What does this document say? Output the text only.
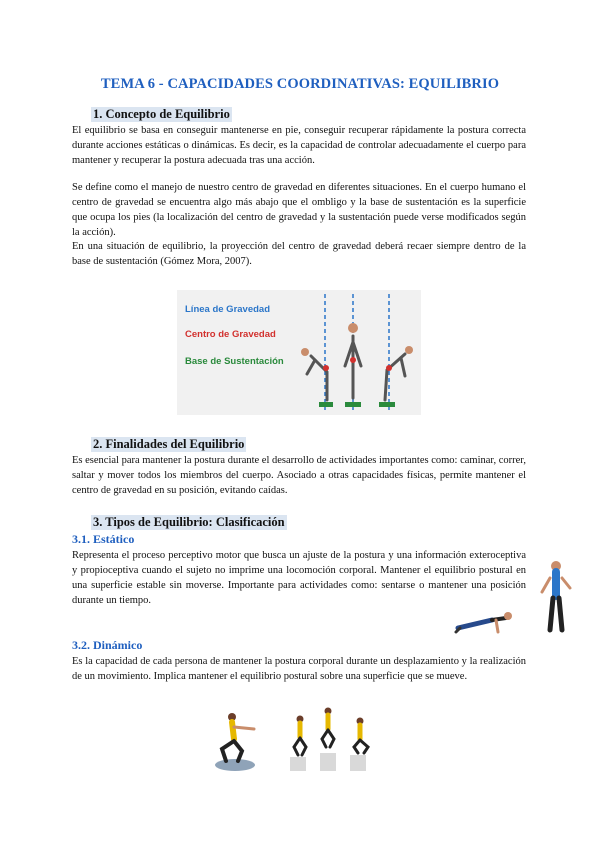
TEMA 6 - CAPACIDADES COORDINATIVAS: EQUILIBRIO
1. Concepto de Equilibrio

El equilibrio se basa en conseguir mantenerse en pie, conseguir recuperar rápidamente la postura correcta durante acciones estáticas o dinámicas. Es decir, es la capacidad de controlar adecuadamente el cuerpo para mantener y recuperar la postura adecuada tras una acción.

Se define como el manejo de nuestro centro de gravedad en diferentes situaciones. En el cuerpo humano el centro de gravedad se encuentra algo más abajo que el ombligo y la base de sustentación es la superficie que ocupa los pies (la localización del centro de gravedad y la sustentación puede verse modificados según la acción).

En una situación de equilibrio, la proyección del centro de gravedad deberá recaer siempre dentro de la base de sustentación (Gómez Mora, 2007).

Línea de Gravedad
Centro de Gravedad
Base de Sustentación
2. Finalidades del Equilibrio

Es esencial para mantener la postura durante el desarrollo de actividades importantes como: caminar, correr, saltar y mover todos los miembros del cuerpo. Asociado a otras capacidades físicas, permite mantener el centro de gravedad en su posición, evitando caídas.

3. Tipos de Equilibrio: Clasificación
3.1. Estático

Representa el proceso perceptivo motor que busca un ajuste de la postura y una información exteroceptiva y propioceptiva cuando el sujeto no imprime una locomoción corporal. Mantener el equilibrio postural en una superficie estable sin moverse. Importante para actividades como: sentarse o mantener una posición durante un tiempo.

3.2. Dinámico

Es la capacidad de cada persona de mantener la postura corporal durante un desplazamiento y la realización de un movimiento. Implica mantener el equilibrio postural sobre una superficie que se mueve.
